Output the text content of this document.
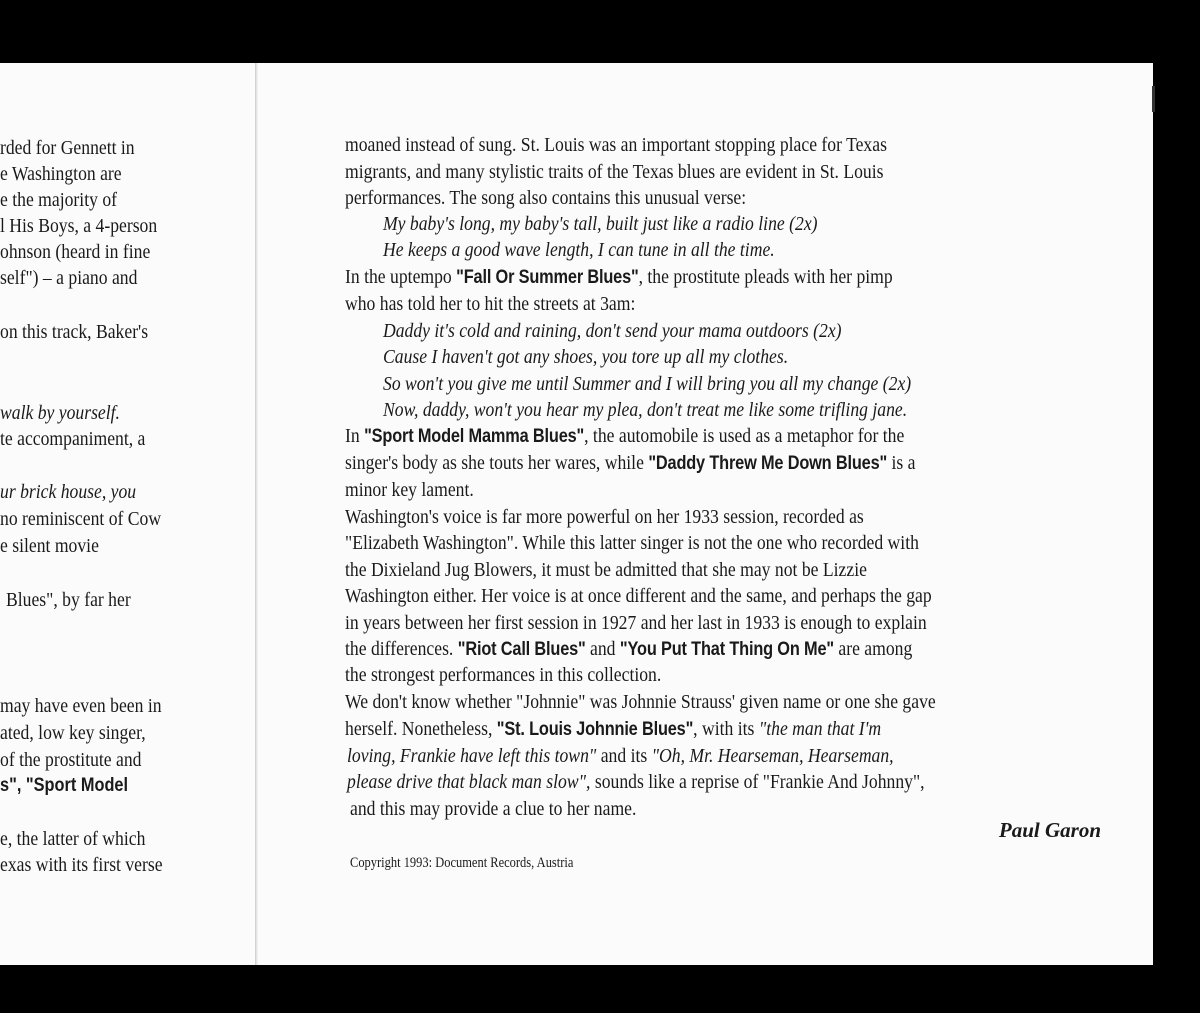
rded for Gennett in
e Washington are
e the majority of
l His Boys, a 4-person
ohnson (heard in fine
self") – a piano and
on this track, Baker's
walk by yourself.
te accompaniment, a
ur brick house, you
no reminiscent of Cow
e silent movie
Blues", by far her
may have even been in
ated, low key singer,
of the prostitute and
s", "Sport Model
e, the latter of which
exas with its first verse
moaned instead of sung. St. Louis was an important stopping place for Texas
migrants, and many stylistic traits of the Texas blues are evident in St. Louis
performances. The song also contains this unusual verse:
My baby's long, my baby's tall, built just like a radio line (2x)
He keeps a good wave length, I can tune in all the time.
In the uptempo "Fall Or Summer Blues", the prostitute pleads with her pimp
who has told her to hit the streets at 3am:
Daddy it's cold and raining, don't send your mama outdoors (2x)
Cause I haven't got any shoes, you tore up all my clothes.
So won't you give me until Summer and I will bring you all my change (2x)
Now, daddy, won't you hear my plea, don't treat me like some trifling jane.
In "Sport Model Mamma Blues", the automobile is used as a metaphor for the
singer's body as she touts her wares, while "Daddy Threw Me Down Blues" is a
minor key lament.
Washington's voice is far more powerful on her 1933 session, recorded as
"Elizabeth Washington". While this latter singer is not the one who recorded with
the Dixieland Jug Blowers, it must be admitted that she may not be Lizzie
Washington either. Her voice is at once different and the same, and perhaps the gap
in years between her first session in 1927 and her last in 1933 is enough to explain
the differences. "Riot Call Blues" and "You Put That Thing On Me" are among
the strongest performances in this collection.
We don't know whether "Johnnie" was Johnnie Strauss' given name or one she gave
herself. Nonetheless, "St. Louis Johnnie Blues", with its "the man that I'm
loving, Frankie have left this town" and its "Oh, Mr. Hearseman, Hearseman,
please drive that black man slow", sounds like a reprise of "Frankie And Johnny",
and this may provide a clue to her name.
Paul Garon
Copyright 1993: Document Records, Austria
